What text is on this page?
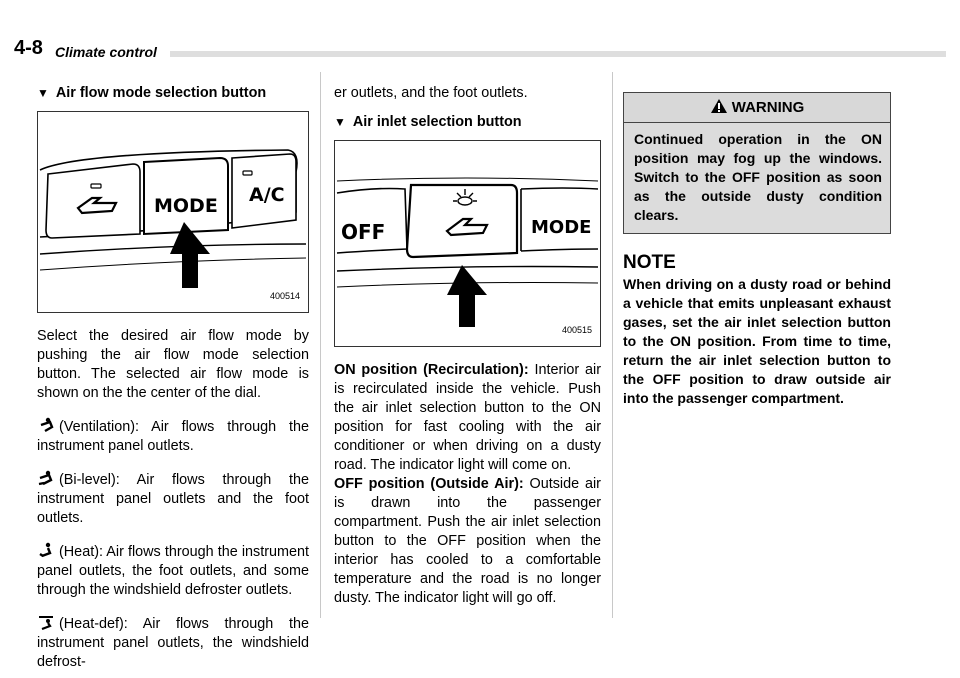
4-8 Climate control
▼ Air flow mode selection button
MODE A/C
400514

Select the desired air flow mode by pushing the air flow mode selection button. The selected air flow mode is shown on the the center of the dial.

(Ventilation): Air flows through the instrument panel outlets.

(Bi-level): Air flows through the instrument panel outlets and the foot outlets.

(Heat): Air flows through the instrument panel outlets, the foot outlets, and some through the windshield defroster outlets.

(Heat-def): Air flows through the instrument panel outlets, the windshield defrost-

er outlets, and the foot outlets.

▼ Air inlet selection button
OFF	MODE
400515

ON position (Recirculation): Interior air is recirculated inside the vehicle. Push the air inlet selection button to the ON position for fast cooling with the air conditioner or when driving on a dusty road. The indicator light will come on.

OFF position (Outside Air): Outside air is drawn into the passenger compartment. Push the air inlet selection button to the OFF position when the interior has cooled to a comfortable temperature and the road is no longer dusty. The indicator light will go off.

WARNING

Continued operation in the ON position may fog up the windows. Switch to the OFF position as soon as the outside dusty condition clears.

NOTE

When driving on a dusty road or behind a vehicle that emits unpleasant exhaust gases, set the air inlet selection button to the ON position. From time to time, return the air inlet selection button to the OFF position to draw outside air into the passenger compartment.
